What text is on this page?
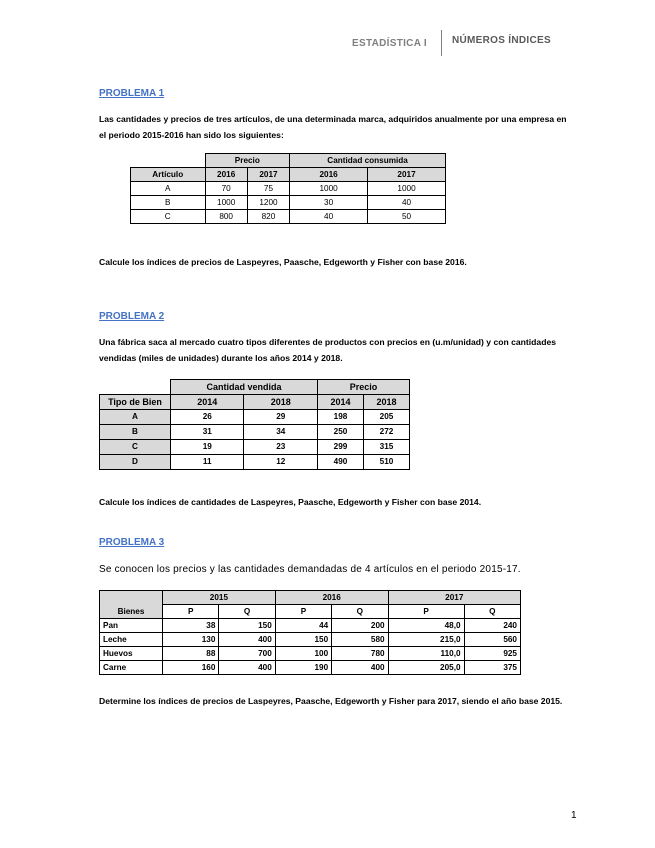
ESTADÍSTICA I NÚMEROS ÍNDICES
PROBLEMA 1
Las cantidades y precios de tres artículos, de una determinada marca, adquiridos anualmente por una empresa en el periodo 2015-2016 han sido los siguientes:
	Precio		Cantidad consumida	
Artículo	2016	2017	2016	2017
A	70	75	1000	1000
B	1000	1200	30	40
C	800	820	40	50
Calcule los índices de precios de Laspeyres, Paasche, Edgeworth y Fisher con base 2016.
PROBLEMA 2
Una fábrica saca al mercado cuatro tipos diferentes de productos con precios en (u.m/unidad) y con cantidades vendidas (miles de unidades) durante los años 2014 y 2018.
	Cantidad vendida		Precio	
Tipo de Bien	2014	2018	2014	2018
A	26	29	198	205
B	31	34	250	272
C	19	23	299	315
D	11	12	490	510
Calcule los índices de cantidades de Laspeyres, Paasche, Edgeworth y Fisher con base 2014.
PROBLEMA 3
Se conocen los precios y las cantidades demandadas de 4 artículos en el periodo 2015-17.
	2015		2016		2017	
Bienes	P	Q	P	Q	P	Q
Pan	38	150	44	200	48,0	240
Leche	130	400	150	580	215,0	560
Huevos	88	700	100	780	110,0	925
Carne	160	400	190	400	205,0	375
Determine los índices de precios de Laspeyres, Paasche, Edgeworth y Fisher para 2017, siendo el año base 2015.
1
